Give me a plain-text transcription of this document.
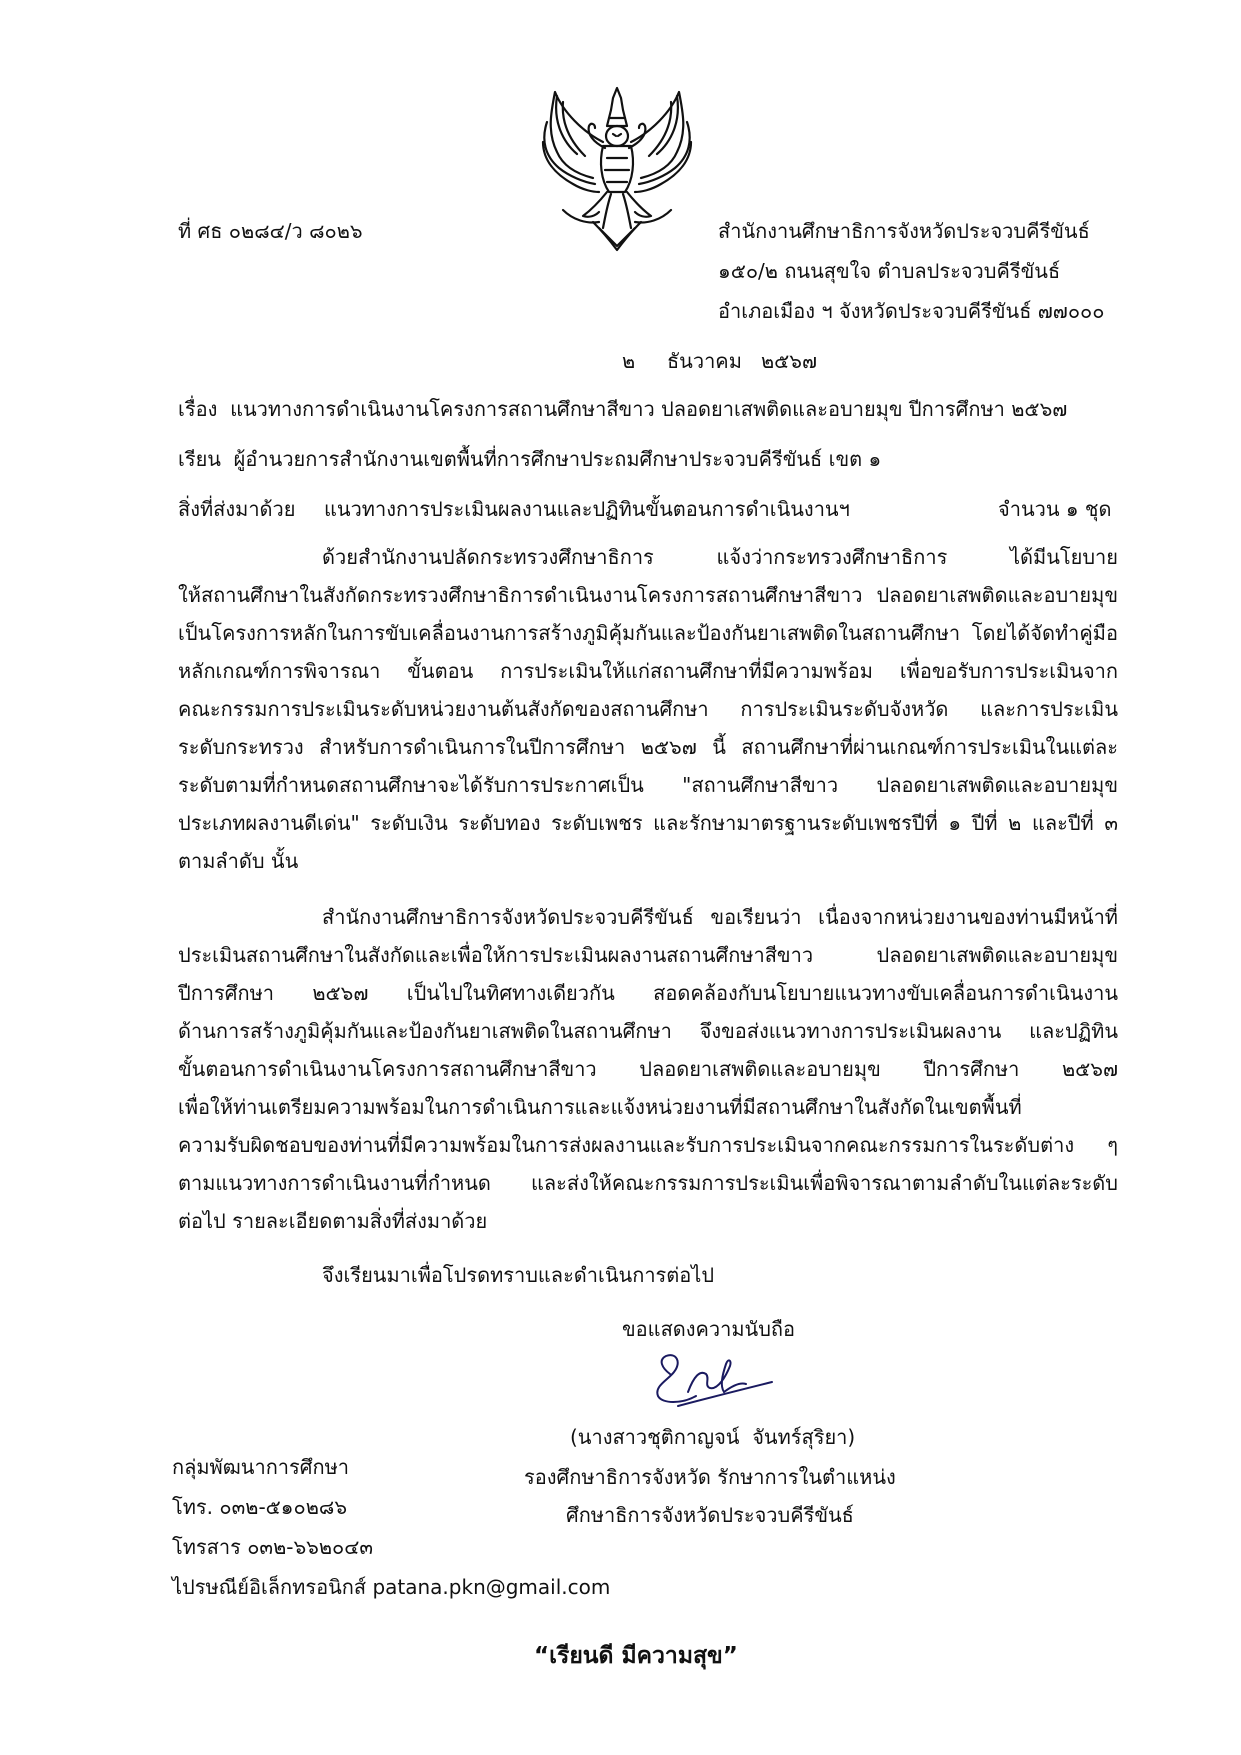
ที่ ศธ ๐๒๘๔/ว ๘๐๒๖	สำนักงานศึกษาธิการจังหวัดประจวบคีรีขันธ์
๑๕๐/๒ ถนนสุขใจ ตำบลประจวบคีรีขันธ์
อำเภอเมือง ฯ จังหวัดประจวบคีรีขันธ์ ๗๗๐๐๐
๒     ธันวาคม   ๒๕๖๗
เรื่อง  แนวทางการดำเนินงานโครงการสถานศึกษาสีขาว ปลอดยาเสพติดและอบายมุข ปีการศึกษา ๒๕๖๗
เรียน  ผู้อำนวยการสำนักงานเขตพื้นที่การศึกษาประถมศึกษาประจวบคีรีขันธ์ เขต ๑
สิ่งที่ส่งมาด้วย แนวทางการประเมินผลงานและปฏิทินขั้นตอนการดำเนินงานฯ	จำนวน ๑ ชุด
ด้วยสำนักงานปลัดกระทรวงศึกษาธิการ แจ้งว่ากระทรวงศึกษาธิการ ได้มีนโยบาย
ให้สถานศึกษาในสังกัดกระทรวงศึกษาธิการดำเนินงานโครงการสถานศึกษาสีขาว ปลอดยาเสพติดและอบายมุข
เป็นโครงการหลักในการขับเคลื่อนงานการสร้างภูมิคุ้มกันและป้องกันยาเสพติดในสถานศึกษา โดยได้จัดทำคู่มือ
หลักเกณฑ์การพิจารณา ขั้นตอน การประเมินให้แก่สถานศึกษาที่มีความพร้อม เพื่อขอรับการประเมินจาก
คณะกรรมการประเมินระดับหน่วยงานต้นสังกัดของสถานศึกษา การประเมินระดับจังหวัด และการประเมิน
ระดับกระทรวง สำหรับการดำเนินการในปีการศึกษา ๒๕๖๗ นี้ สถานศึกษาที่ผ่านเกณฑ์การประเมินในแต่ละ
ระดับตามที่กำหนดสถานศึกษาจะได้รับการประกาศเป็น "สถานศึกษาสีขาว ปลอดยาเสพติดและอบายมุข
ประเภทผลงานดีเด่น" ระดับเงิน ระดับทอง ระดับเพชร และรักษามาตรฐานระดับเพชรปีที่ ๑ ปีที่ ๒ และปีที่ ๓
ตามลำดับ นั้น
สำนักงานศึกษาธิการจังหวัดประจวบคีรีขันธ์ ขอเรียนว่า เนื่องจากหน่วยงานของท่านมีหน้าที่
ประเมินสถานศึกษาในสังกัดและเพื่อให้การประเมินผลงานสถานศึกษาสีขาว ปลอดยาเสพติดและอบายมุข
ปีการศึกษา ๒๕๖๗ เป็นไปในทิศทางเดียวกัน สอดคล้องกับนโยบายแนวทางขับเคลื่อนการดำเนินงาน
ด้านการสร้างภูมิคุ้มกันและป้องกันยาเสพติดในสถานศึกษา จึงขอส่งแนวทางการประเมินผลงาน และปฏิทิน
ขั้นตอนการดำเนินงานโครงการสถานศึกษาสีขาว ปลอดยาเสพติดและอบายมุข ปีการศึกษา ๒๕๖๗
เพื่อให้ท่านเตรียมความพร้อมในการดำเนินการและแจ้งหน่วยงานที่มีสถานศึกษาในสังกัดในเขตพื้นที่
ความรับผิดชอบของท่านที่มีความพร้อมในการส่งผลงานและรับการประเมินจากคณะกรรมการในระดับต่าง ๆ
ตามแนวทางการดำเนินงานที่กำหนด และส่งให้คณะกรรมการประเมินเพื่อพิจารณาตามลำดับในแต่ละระดับ
ต่อไป รายละเอียดตามสิ่งที่ส่งมาด้วย
จึงเรียนมาเพื่อโปรดทราบและดำเนินการต่อไป
ขอแสดงความนับถือ
(นางสาวชุติกาญจน์  จันทร์สุริยา)
รองศึกษาธิการจังหวัด รักษาการในตำแหน่ง
ศึกษาธิการจังหวัดประจวบคีรีขันธ์
กลุ่มพัฒนาการศึกษา
โทร. ๐๓๒-๕๑๐๒๘๖
โทรสาร ๐๓๒-๖๖๒๐๔๓
ไปรษณีย์อิเล็กทรอนิกส์ patana.pkn@gmail.com
“เรียนดี มีความสุข”
